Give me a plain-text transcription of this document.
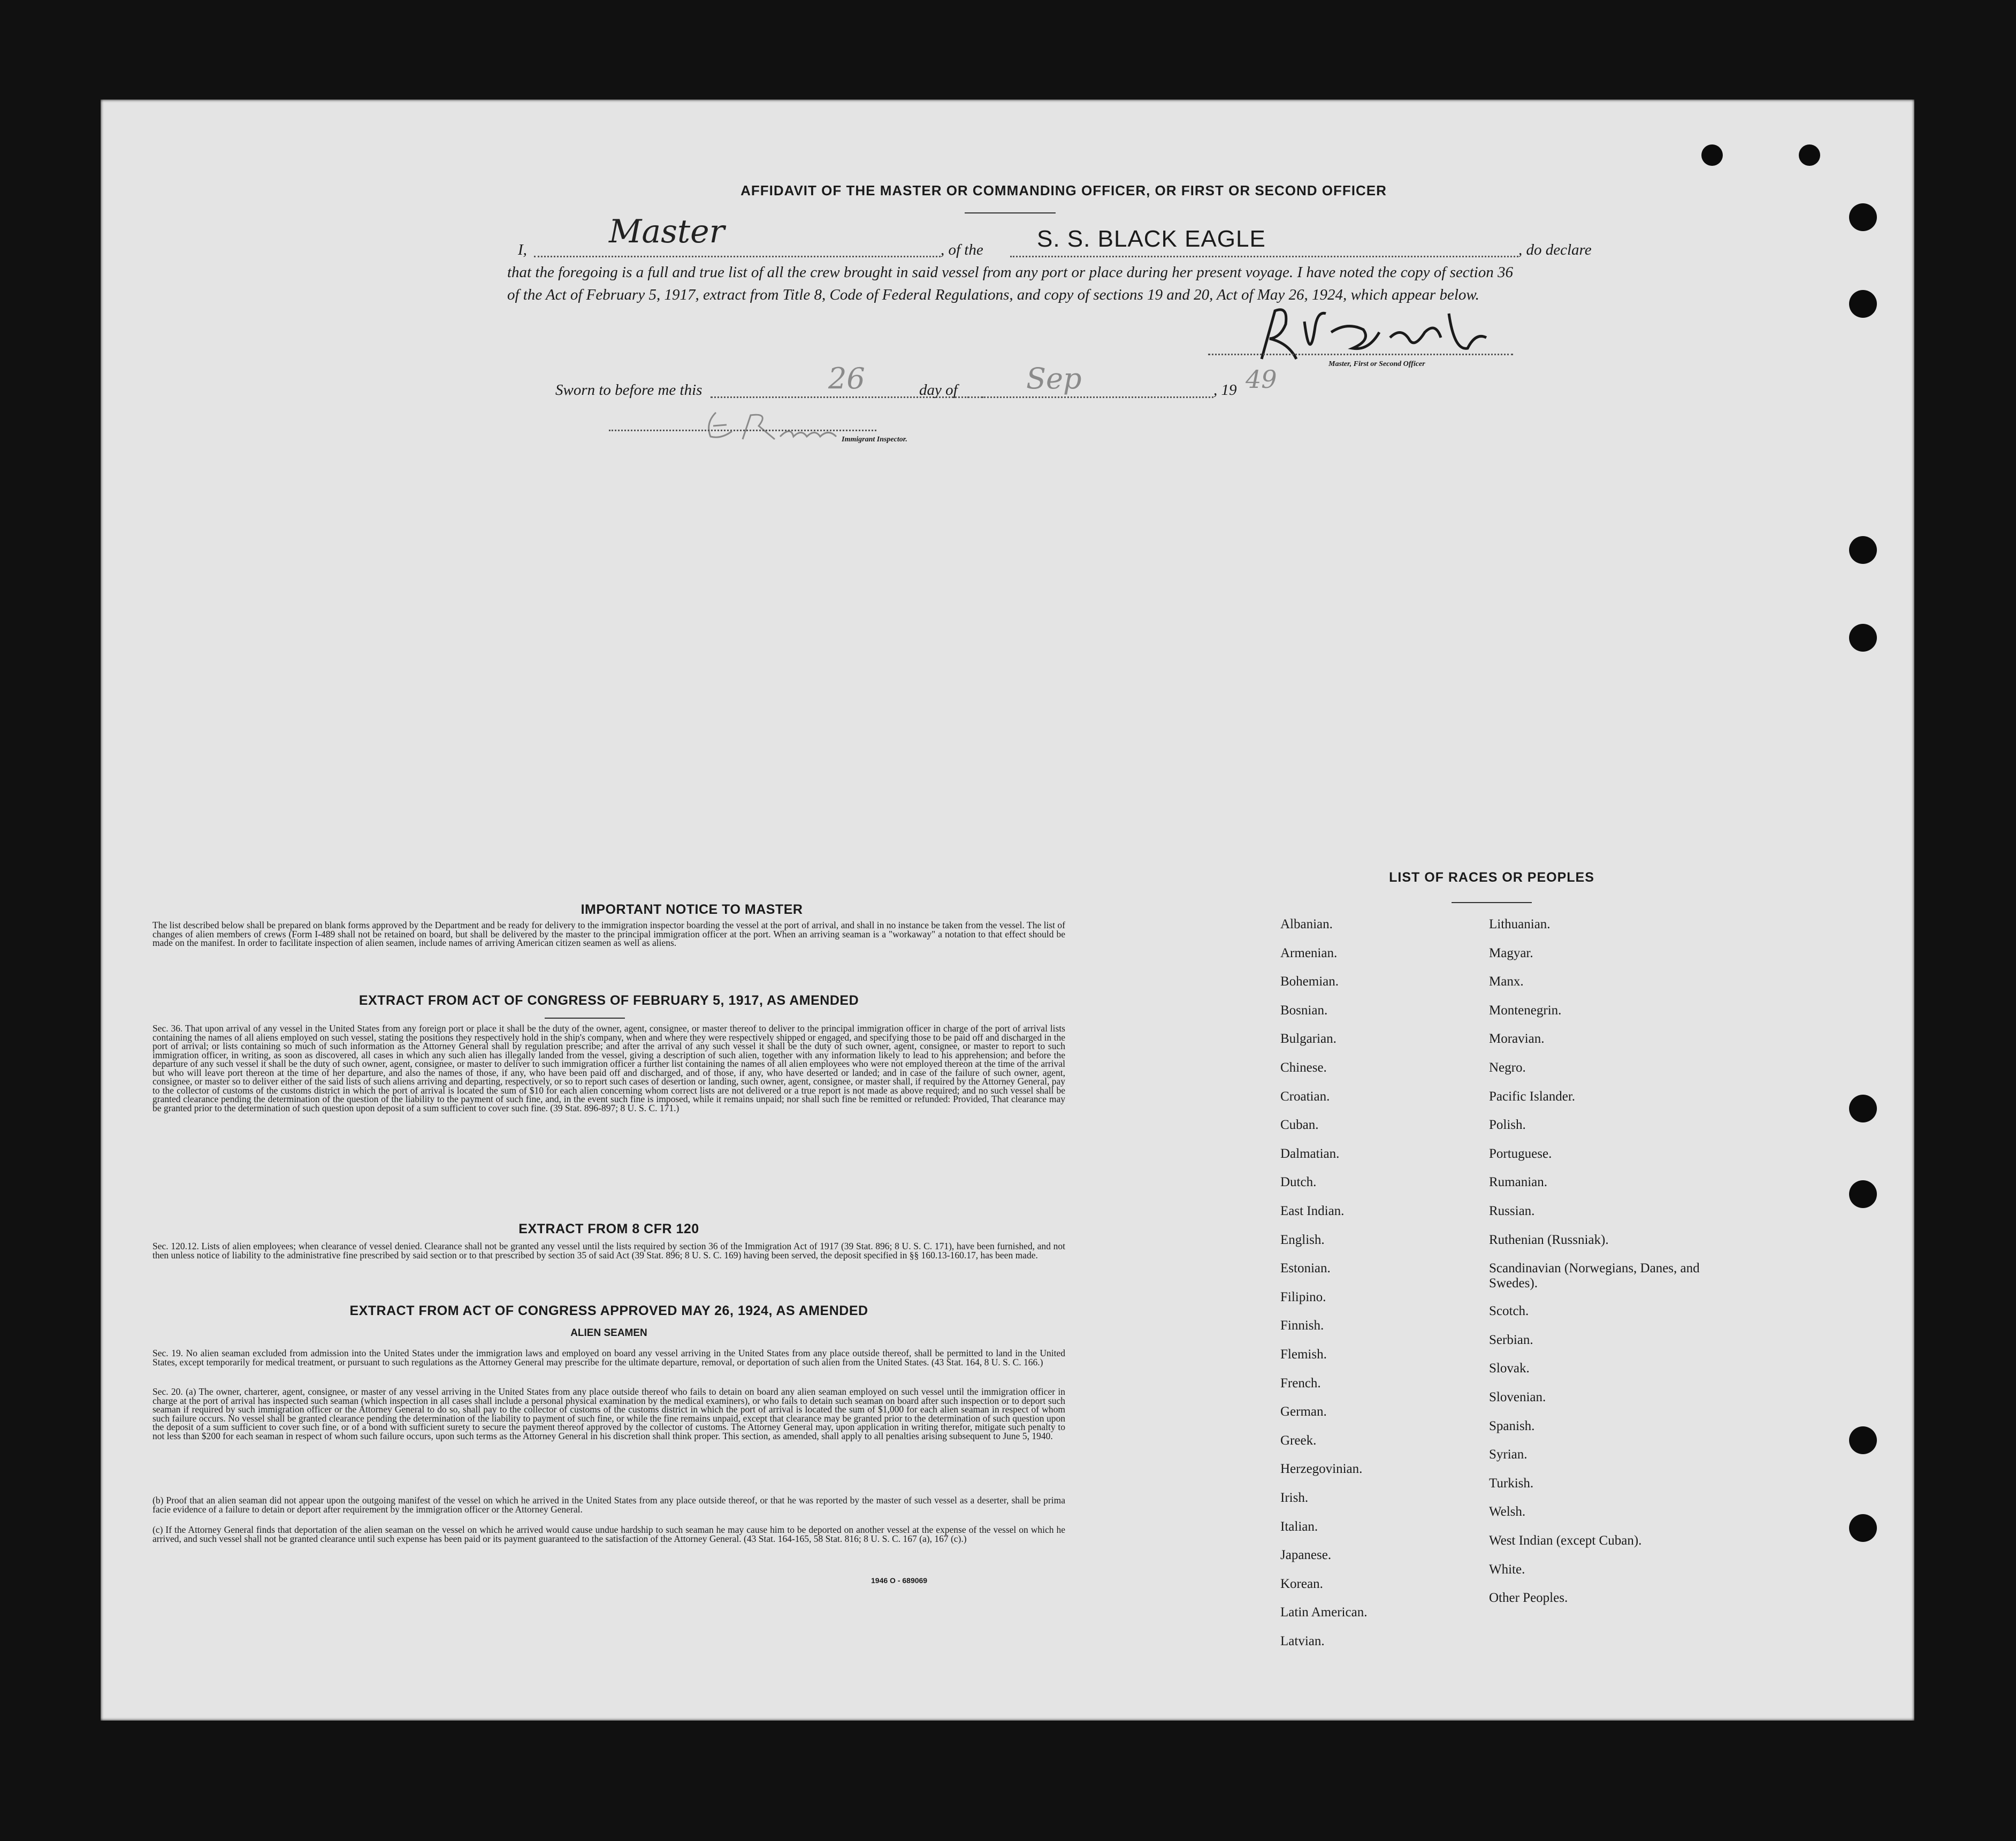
AFFIDAVIT OF THE MASTER OR COMMANDING OFFICER, OR FIRST OR SECOND OFFICER
I,	Master	, of the S. S. BLACK EAGLE	, do declare
that the foregoing is a full and true list of all the crew brought in said vessel from any port or place during her present voyage. I have noted the copy of section 36 of the Act of February 5, 1917, extract from Title 8, Code of Federal Regulations, and copy of sections 19 and 20, Act of May 26, 1924, which appear below.
Master, First or Second Officer
Sworn to before me this	26	day of Sep	, 19 49
Immigrant Inspector.
IMPORTANT NOTICE TO MASTER
The list described below shall be prepared on blank forms approved by the Department and be ready for delivery to the immigration inspector boarding the vessel at the port of arrival, and shall in no instance be taken from the vessel. The list of changes of alien members of crews (Form I-489 shall not be retained on board, but shall be delivered by the master to the principal immigration officer at the port. When an arriving seaman is a "workaway" a notation to that effect should be made on the manifest. In order to facilitate inspection of alien seamen, include names of arriving American citizen seamen as well as aliens.
EXTRACT FROM ACT OF CONGRESS OF FEBRUARY 5, 1917, AS AMENDED
Sec. 36. That upon arrival of any vessel in the United States from any foreign port or place it shall be the duty of the owner, agent, consignee, or master thereof to deliver to the principal immigration officer in charge of the port of arrival lists containing the names of all aliens employed on such vessel, stating the positions they respectively hold in the ship's company, when and where they were respectively shipped or engaged, and specifying those to be paid off and discharged in the port of arrival; or lists containing so much of such information as the Attorney General shall by regulation prescribe; and after the arrival of any such vessel it shall be the duty of such owner, agent, consignee, or master to report to such immigration officer, in writing, as soon as discovered, all cases in which any such alien has illegally landed from the vessel, giving a description of such alien, together with any information likely to lead to his apprehension; and before the departure of any such vessel it shall be the duty of such owner, agent, consignee, or master to deliver to such immigration officer a further list containing the names of all alien employees who were not employed thereon at the time of the arrival but who will leave port thereon at the time of her departure, and also the names of those, if any, who have been paid off and discharged, and of those, if any, who have deserted or landed; and in case of the failure of such owner, agent, consignee, or master so to deliver either of the said lists of such aliens arriving and departing, respectively, or so to report such cases of desertion or landing, such owner, agent, consignee, or master shall, if required by the Attorney General, pay to the collector of customs of the customs district in which the port of arrival is located the sum of $10 for each alien concerning whom correct lists are not delivered or a true report is not made as above required; and no such vessel shall be granted clearance pending the determination of the question of the liability to the payment of such fine, and, in the event such fine is imposed, while it remains unpaid; nor shall such fine be remitted or refunded: Provided, That clearance may be granted prior to the determination of such question upon deposit of a sum sufficient to cover such fine. (39 Stat. 896-897; 8 U. S. C. 171.)
EXTRACT FROM 8 CFR 120
Sec. 120.12. Lists of alien employees; when clearance of vessel denied. Clearance shall not be granted any vessel until the lists required by section 36 of the Immigration Act of 1917 (39 Stat. 896; 8 U. S. C. 171), have been furnished, and not then unless notice of liability to the administrative fine prescribed by said section or to that prescribed by section 35 of said Act (39 Stat. 896; 8 U. S. C. 169) having been served, the deposit specified in §§ 160.13-160.17, has been made.
EXTRACT FROM ACT OF CONGRESS APPROVED MAY 26, 1924, AS AMENDED
ALIEN SEAMEN
Sec. 19. No alien seaman excluded from admission into the United States under the immigration laws and employed on board any vessel arriving in the United States from any place outside thereof, shall be permitted to land in the United States, except temporarily for medical treatment, or pursuant to such regulations as the Attorney General may prescribe for the ultimate departure, removal, or deportation of such alien from the United States. (43 Stat. 164, 8 U. S. C. 166.)
Sec. 20. (a) The owner, charterer, agent, consignee, or master of any vessel arriving in the United States from any place outside thereof who fails to detain on board any alien seaman employed on such vessel until the immigration officer in charge at the port of arrival has inspected such seaman (which inspection in all cases shall include a personal physical examination by the medical examiners), or who fails to detain such seaman on board after such inspection or to deport such seaman if required by such immigration officer or the Attorney General to do so, shall pay to the collector of customs of the customs district in which the port of arrival is located the sum of $1,000 for each alien seaman in respect of whom such failure occurs. No vessel shall be granted clearance pending the determination of the liability to payment of such fine, or while the fine remains unpaid, except that clearance may be granted prior to the determination of such question upon the deposit of a sum sufficient to cover such fine, or of a bond with sufficient surety to secure the payment thereof approved by the collector of customs. The Attorney General may, upon application in writing therefor, mitigate such penalty to not less than $200 for each seaman in respect of whom such failure occurs, upon such terms as the Attorney General in his discretion shall think proper. This section, as amended, shall apply to all penalties arising subsequent to June 5, 1940.
(b) Proof that an alien seaman did not appear upon the outgoing manifest of the vessel on which he arrived in the United States from any place outside thereof, or that he was reported by the master of such vessel as a deserter, shall be prima facie evidence of a failure to detain or deport after requirement by the immigration officer or the Attorney General.
(c) If the Attorney General finds that deportation of the alien seaman on the vessel on which he arrived would cause undue hardship to such seaman he may cause him to be deported on another vessel at the expense of the vessel on which he arrived, and such vessel shall not be granted clearance until such expense has been paid or its payment guaranteed to the satisfaction of the Attorney General. (43 Stat. 164-165, 58 Stat. 816; 8 U. S. C. 167 (a), 167 (c).)
1946 O - 689069
LIST OF RACES OR PEOPLES
Albanian.
Armenian.
Bohemian.
Bosnian.
Bulgarian.
Chinese.
Croatian.
Cuban.
Dalmatian.
Dutch.
East Indian.
English.
Estonian.
Filipino.
Finnish.
Flemish.
French.
German.
Greek.
Herzegovinian.
Irish.
Italian.
Japanese.
Korean.
Latin American.
Latvian.
Lithuanian.
Magyar.
Manx.
Montenegrin.
Moravian.
Negro.
Pacific Islander.
Polish.
Portuguese.
Rumanian.
Russian.
Ruthenian (Russniak).
Scandinavian (Norwegians, Danes, and Swedes).
Scotch.
Serbian.
Slovak.
Slovenian.
Spanish.
Syrian.
Turkish.
Welsh.
West Indian (except Cuban).
White.
Other Peoples.
